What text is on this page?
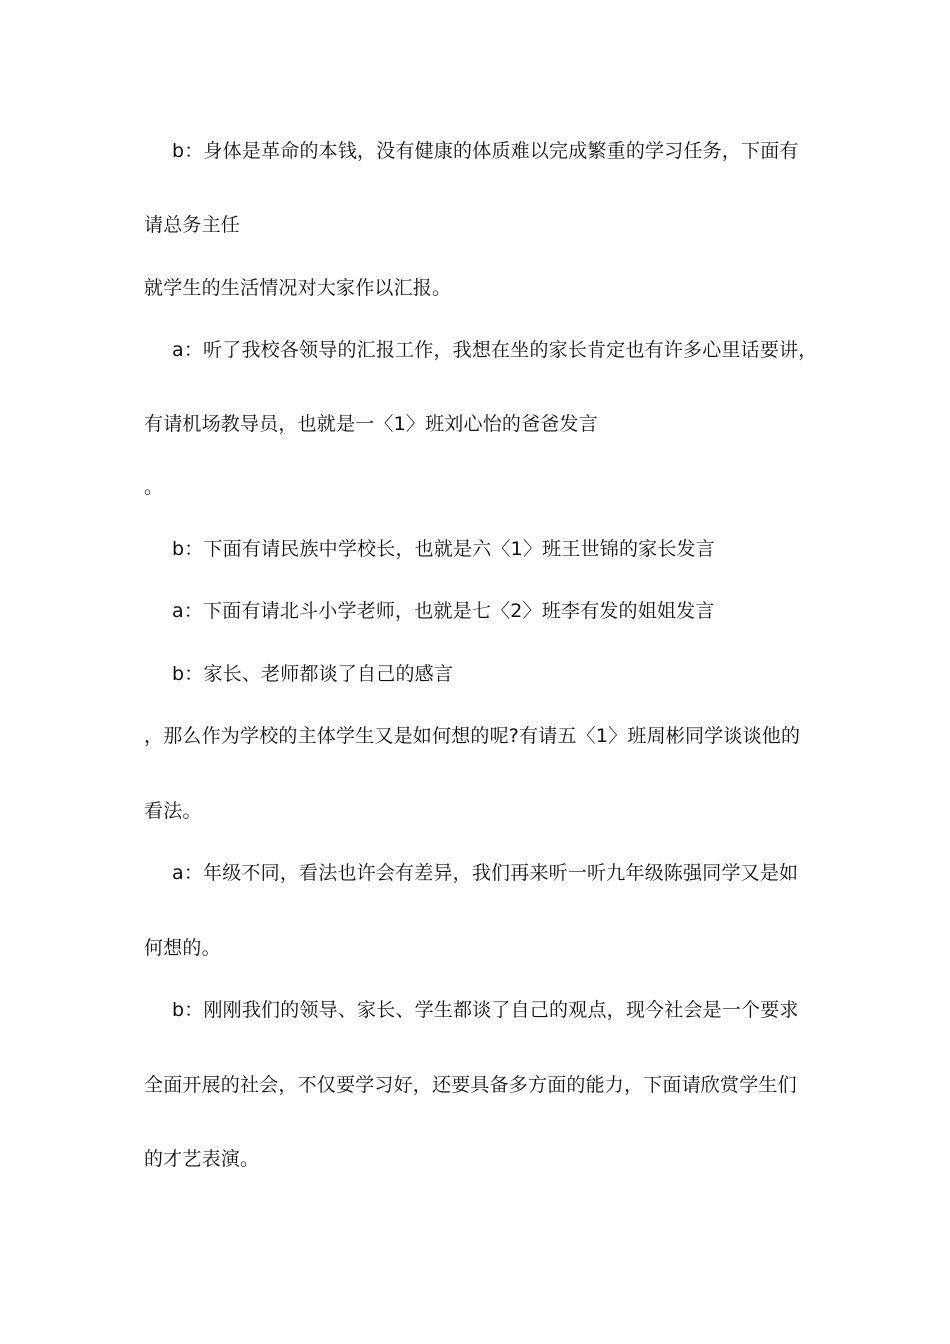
b：身体是革命的本钱，没有健康的体质难以完成繁重的学习任务，下面有
请总务主任
就学生的生活情况对大家作以汇报。
a：听了我校各领导的汇报工作，我想在坐的家长肯定也有许多心里话要讲，
有请机场教导员，也就是一〈1〉班刘心怡的爸爸发言
。
b：下面有请民族中学校长，也就是六〈1〉班王世锦的家长发言
a：下面有请北斗小学老师，也就是七〈2〉班李有发的姐姐发言
b：家长、老师都谈了自己的感言
，那么作为学校的主体学生又是如何想的呢?有请五〈1〉班周彬同学谈谈他的
看法。
a：年级不同，看法也许会有差异，我们再来听一听九年级陈强同学又是如
何想的。
b：刚刚我们的领导、家长、学生都谈了自己的观点，现今社会是一个要求
全面开展的社会，不仅要学习好，还要具备多方面的能力，下面请欣赏学生们
的才艺表演。
